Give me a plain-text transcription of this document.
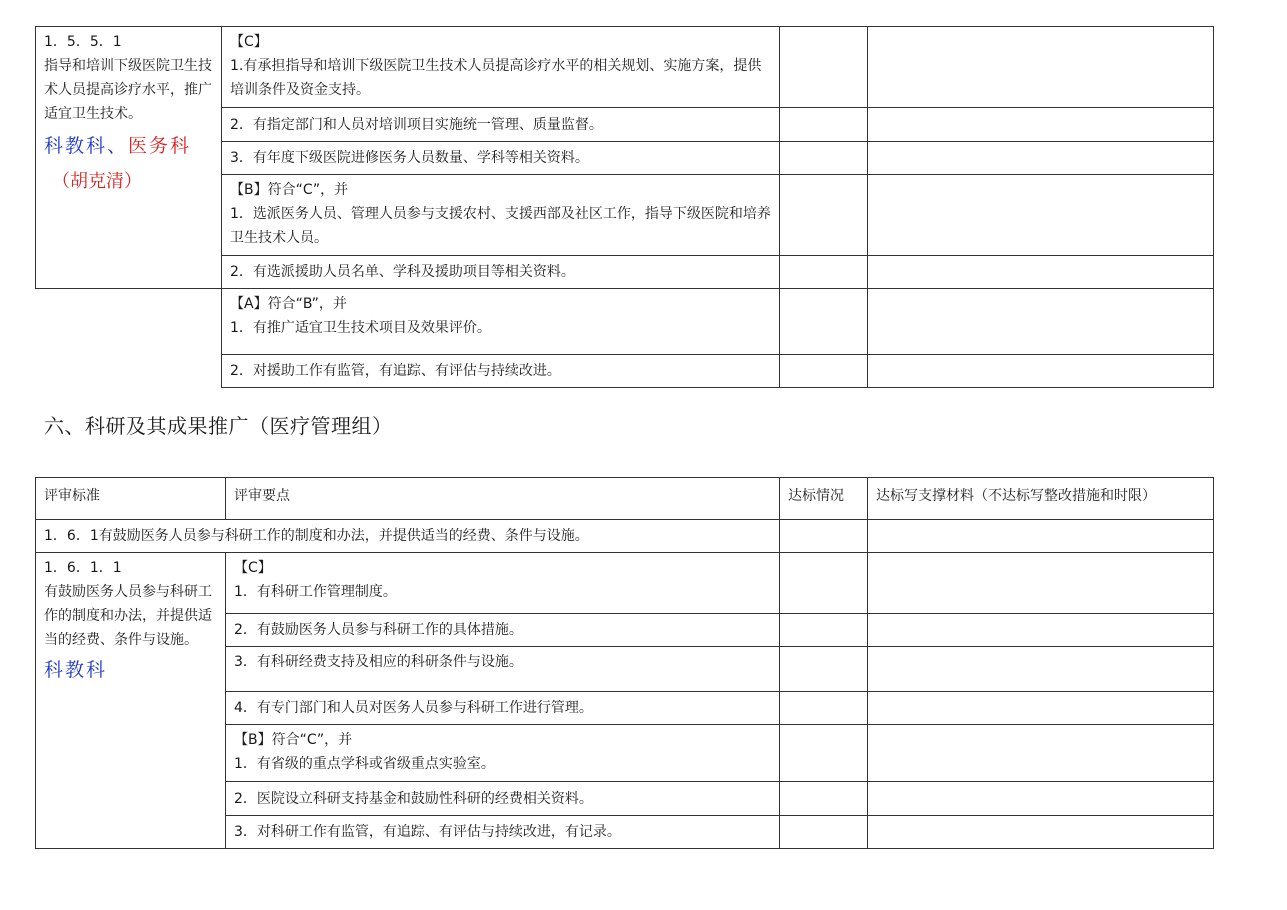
1．5．5．1
指导和培训下级医院卫生技术人员提高诊疗水平，推广适宜卫生技术。
科教科、医务科
（胡克清）	【C】
1.有承担指导和培训下级医院卫生技术人员提高诊疗水平的相关规划、实施方案，提供培训条件及资金支持。		

	2．有指定部门和人员对培训项目实施统一管理、质量监督。		
	3．有年度下级医院进修医务人员数量、学科等相关资料。		

	【B】符合“C”，并
1．选派医务人员、管理人员参与支援农村、支援西部及社区工作，指导下级医院和培养卫生技术人员。		

	2．有选派援助人员名单、学科及援助项目等相关资料。		

	【A】符合“B”，并
1．有推广适宜卫生技术项目及效果评价。		

	2．对援助工作有监管，有追踪、有评估与持续改进。		
六、科研及其成果推广（医疗管理组）
评审标准	评审要点	达标情况	达标写支撑材料（不达标写整改措施和时限）
1．6．1有鼓励医务人员参与科研工作的制度和办法，并提供适当的经费、条件与设施。			

1．6．1．1
有鼓励医务人员参与科研工作的制度和办法，并提供适当的经费、条件与设施。
科教科	【C】
1．有科研工作管理制度。		

	2．有鼓励医务人员参与科研工作的具体措施。		
	3．有科研经费支持及相应的科研条件与设施。		
	4．有专门部门和人员对医务人员参与科研工作进行管理。		

	【B】符合“C”，并
1．有省级的重点学科或省级重点实验室。		

	2．医院设立科研支持基金和鼓励性科研的经费相关资料。		
	3．对科研工作有监管，有追踪、有评估与持续改进，有记录。		
